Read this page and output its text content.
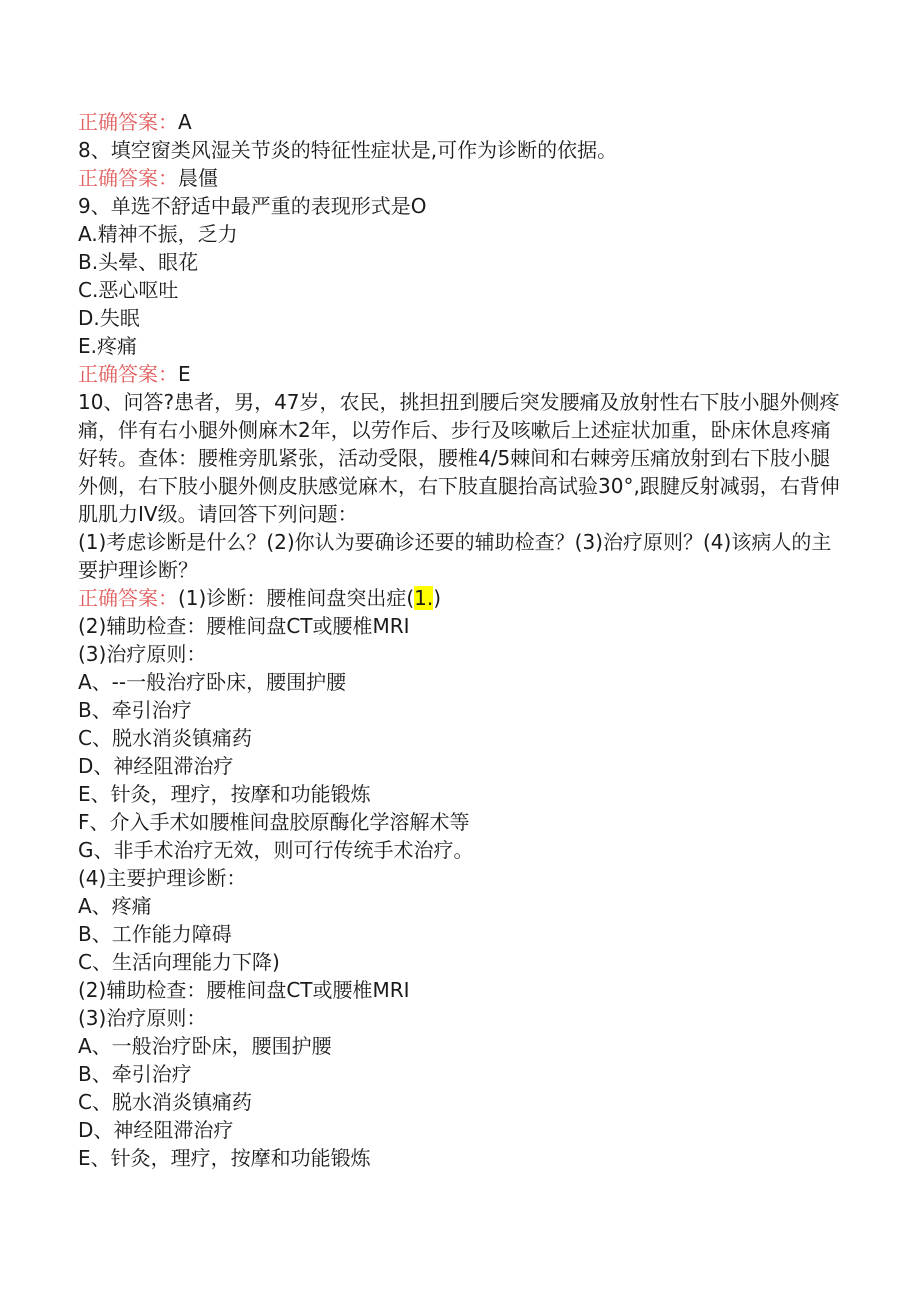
正确答案：A
8、填空窗类风湿关节炎的特征性症状是,可作为诊断的依据。
正确答案：晨僵
9、单选不舒适中最严重的表现形式是O
A.精神不振，乏力
B.头晕、眼花
C.恶心呕吐
D.失眠
E.疼痛
正确答案：E
10、问答?患者，男，47岁，农民，挑担扭到腰后突发腰痛及放射性右下肢小腿外侧疼痛，伴有右小腿外侧麻木2年，以劳作后、步行及咳嗽后上述症状加重，卧床休息疼痛好转。查体：腰椎旁肌紧张，活动受限，腰椎4/5棘间和右棘旁压痛放射到右下肢小腿外侧，右下肢小腿外侧皮肤感觉麻木，右下肢直腿抬高试验30°,跟腱反射减弱，右背伸肌肌力IV级。请回答下列问题：
(1)考虑诊断是什么？(2)你认为要确诊还要的辅助检查？(3)治疗原则？(4)该病人的主要护理诊断？
正确答案：(1)诊断：腰椎间盘突出症(1.)
(2)辅助检查：腰椎间盘CT或腰椎MRI
(3)治疗原则：
A、--一般治疗卧床，腰围护腰
B、牵引治疗
C、脱水消炎镇痛药
D、神经阻滞治疗
E、针灸，理疗，按摩和功能锻炼
F、介入手术如腰椎间盘胶原酶化学溶解术等
G、非手术治疗无效，则可行传统手术治疗。
(4)主要护理诊断：
A、疼痛
B、工作能力障碍
C、生活向理能力下降)
(2)辅助检查：腰椎间盘CT或腰椎MRI
(3)治疗原则：
A、一般治疗卧床，腰围护腰
B、牵引治疗
C、脱水消炎镇痛药
D、神经阻滞治疗
E、针灸，理疗，按摩和功能锻炼
